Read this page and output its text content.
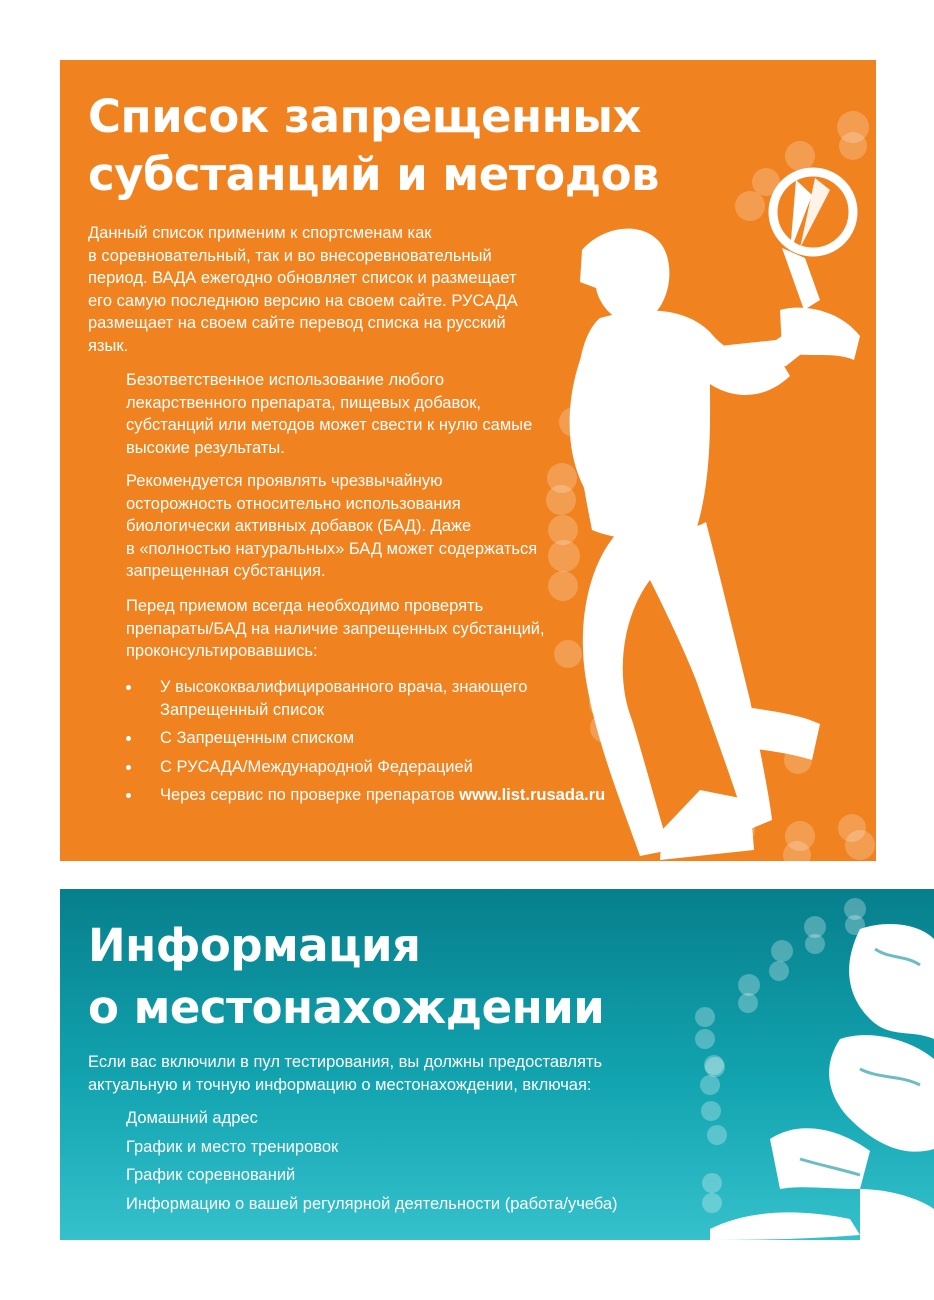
Список запрещенных
субстанций и методов

Данный список применим к спортсменам как
в соревновательный, так и во внесоревновательный
период. ВАДА ежегодно обновляет список и размещает
его самую последнюю версию на своем сайте. РУСАДА
размещает на своем сайте перевод списка на русский
язык.

Безответственное использование любого
лекарственного препарата, пищевых добавок,
субстанций или методов может свести к нулю самые
высокие результаты.

Рекомендуется проявлять чрезвычайную
осторожность относительно использования
биологически активных добавок (БАД). Даже
в «полностью натуральных» БАД может содержаться
запрещенная субстанция.

Перед приемом всегда необходимо проверять
препараты/БАД на наличие запрещенных субстанций,
проконсультировавшись:

У высококвалифицированного врача, знающего
Запрещенный список
С Запрещенным списком
С РУСАДА/Международной Федерацией
Через сервис по проверке препаратов www.list.rusada.ru
Информация
о местонахождении

Если вас включили в пул тестирования, вы должны предоставлять
актуальную и точную информацию о местонахождении, включая:

Домашний адрес
График и место тренировок
График соревнований
Информацию о вашей регулярной деятельности (работа/учеба)
